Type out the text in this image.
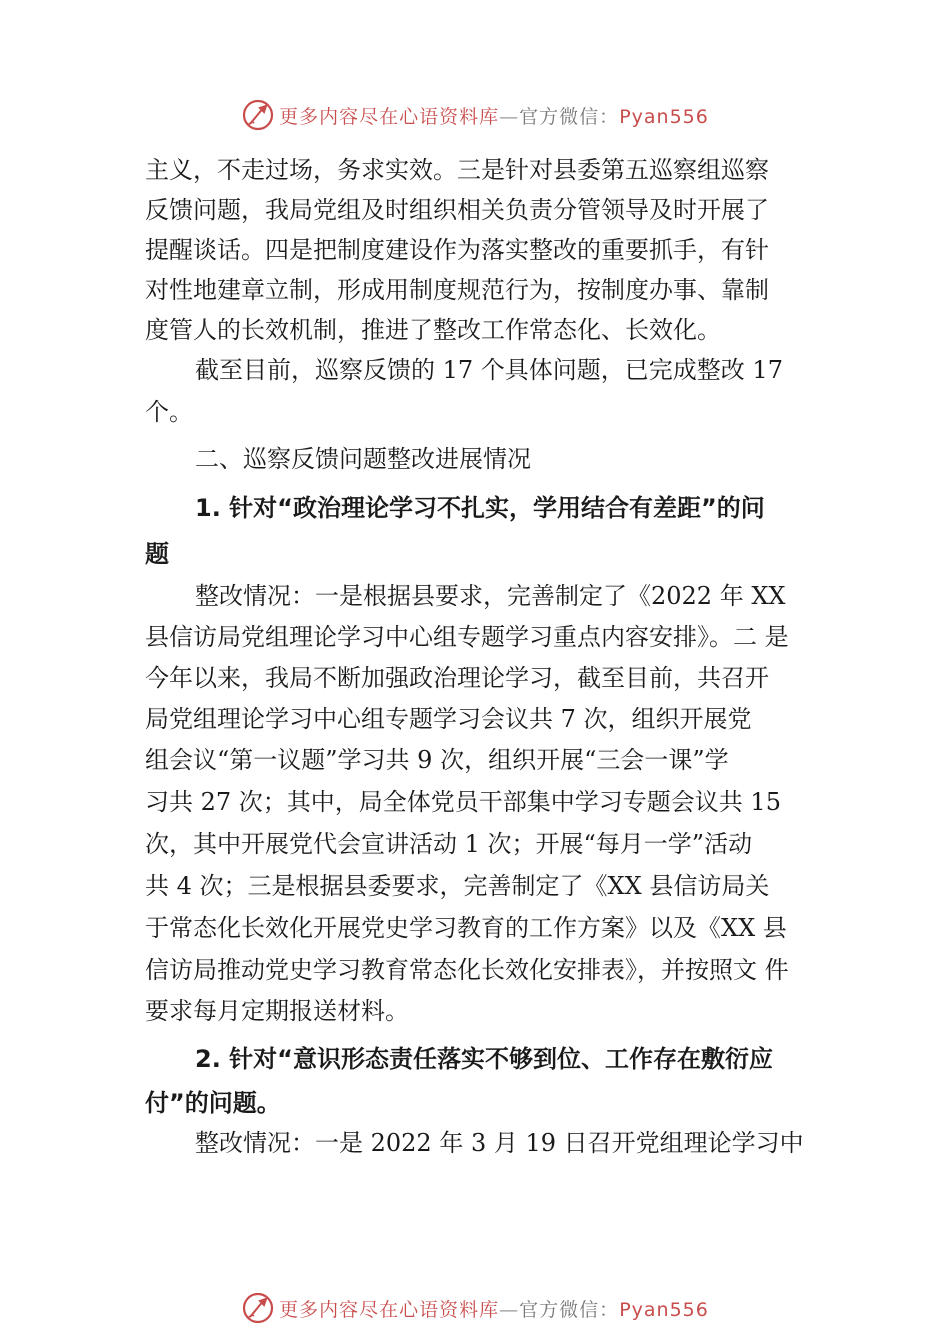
更多内容尽在心语资料库—官方微信：Pyan556
主义，不走过场，务求实效。三是针对县委第五巡察组巡察
反馈问题，我局党组及时组织相关负责分管领导及时开展了
提醒谈话。四是把制度建设作为落实整改的重要抓手，有针
对性地建章立制，形成用制度规范行为，按制度办事、靠制
度管人的长效机制，推进了整改工作常态化、长效化。
截至目前，巡察反馈的 17 个具体问题，已完成整改 17
个。
二、巡察反馈问题整改进展情况
1. 针对“政治理论学习不扎实，学用结合有差距”的问
题
整改情况：一是根据县要求，完善制定了《2022 年 XX
县信访局党组理论学习中心组专题学习重点内容安排》。二 是
今年以来，我局不断加强政治理论学习，截至目前，共召开
局党组理论学习中心组专题学习会议共 7 次，组织开展党
组会议“第一议题”学习共 9 次，组织开展“三会一课”学
习共 27 次；其中，局全体党员干部集中学习专题会议共 15
次，其中开展党代会宣讲活动 1 次；开展“每月一学”活动
共 4 次；三是根据县委要求，完善制定了《XX 县信访局关
于常态化长效化开展党史学习教育的工作方案》以及《XX 县
信访局推动党史学习教育常态化长效化安排表》，并按照文 件
要求每月定期报送材料。
2. 针对“意识形态责任落实不够到位、工作存在敷衍应
付”的问题。
整改情况：一是 2022 年 3 月 19 日召开党组理论学习中
更多内容尽在心语资料库—官方微信：Pyan556
